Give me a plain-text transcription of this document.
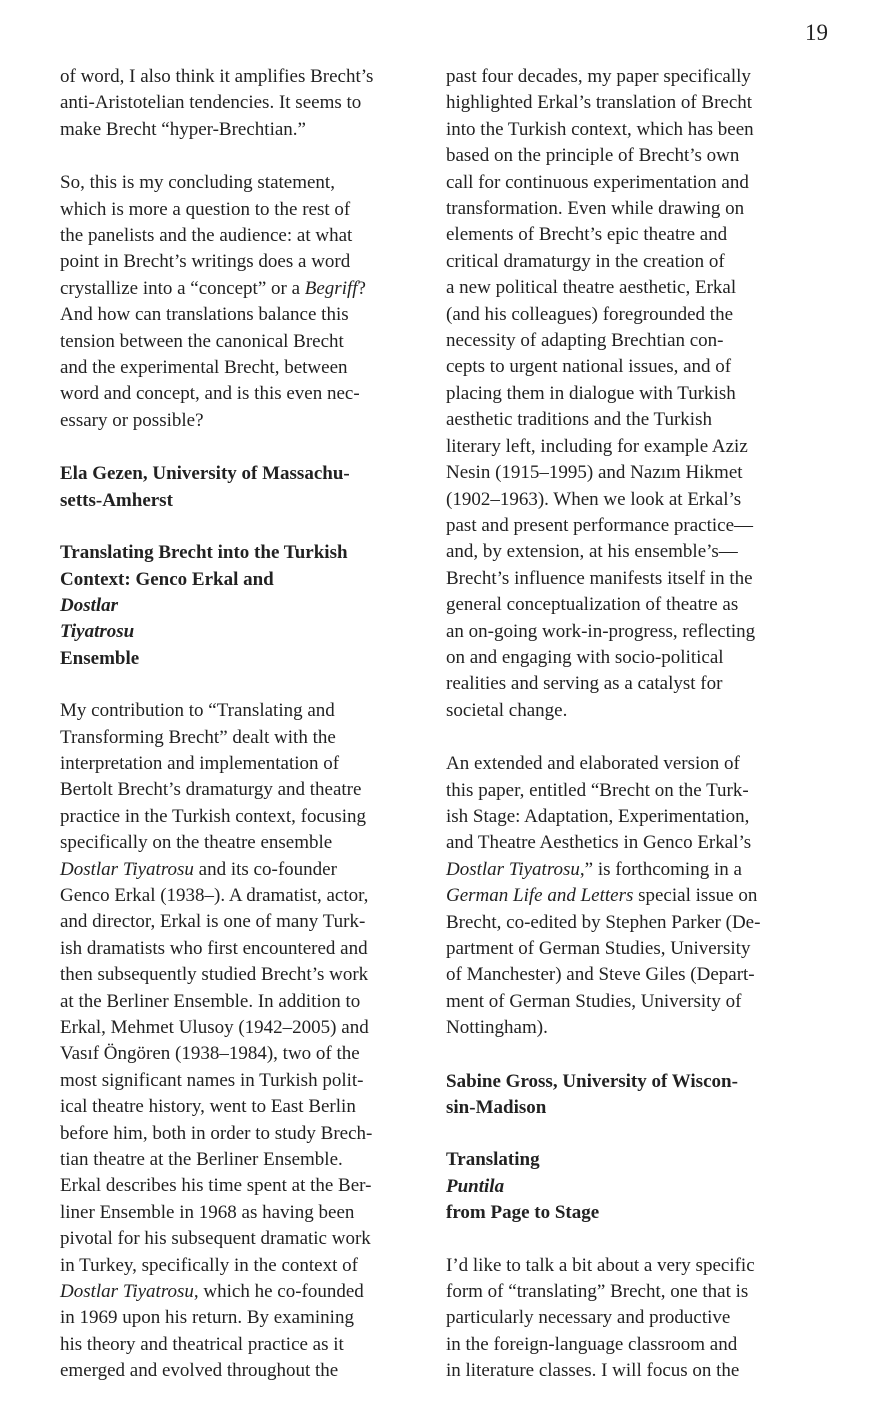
19

of word, I also think it amplifies Brecht’s
anti-Aristotelian tendencies. It seems to
make Brecht “hyper-Brechtian.”

So, this is my concluding statement,
which is more a question to the rest of
the panelists and the audience: at what
point in Brecht’s writings does a word
crystallize into a “concept” or a Begriff?
And how can translations balance this
tension between the canonical Brecht
and the experimental Brecht, between
word and concept, and is this even nec-
essary or possible?

Ela Gezen, University of Massachu-
setts-Amherst
Translating Brecht into the Turkish
Context: Genco Erkal and
Dostlar
Tiyatrosu
Ensemble

My contribution to “Translating and
Transforming Brecht” dealt with the
interpretation and implementation of
Bertolt Brecht’s dramaturgy and theatre
practice in the Turkish context, focusing
specifically on the theatre ensemble
Dostlar Tiyatrosu and its co-founder
Genco Erkal (1938–). A dramatist, actor,
and director, Erkal is one of many Turk-
ish dramatists who first encountered and
then subsequently studied Brecht’s work
at the Berliner Ensemble. In addition to
Erkal, Mehmet Ulusoy (1942–2005) and
Vasıf Öngören (1938–1984), two of the
most significant names in Turkish polit-
ical theatre history, went to East Berlin
before him, both in order to study Brech-
tian theatre at the Berliner Ensemble.
Erkal describes his time spent at the Ber-
liner Ensemble in 1968 as having been
pivotal for his subsequent dramatic work
in Turkey, specifically in the context of
Dostlar Tiyatrosu, which he co-founded
in 1969 upon his return. By examining
his theory and theatrical practice as it
emerged and evolved throughout the

past four decades, my paper specifically
highlighted Erkal’s translation of Brecht
into the Turkish context, which has been
based on the principle of Brecht’s own
call for continuous experimentation and
transformation. Even while drawing on
elements of Brecht’s epic theatre and
critical dramaturgy in the creation of
a new political theatre aesthetic, Erkal
(and his colleagues) foregrounded the
necessity of adapting Brechtian con-
cepts to urgent national issues, and of
placing them in dialogue with Turkish
aesthetic traditions and the Turkish
literary left, including for example Aziz
Nesin (1915–1995) and Nazım Hikmet
(1902–1963). When we look at Erkal’s
past and present performance practice—
and, by extension, at his ensemble’s—
Brecht’s influence manifests itself in the
general conceptualization of theatre as
an on-going work-in-progress, reflecting
on and engaging with socio-political
realities and serving as a catalyst for
societal change.

An extended and elaborated version of
this paper, entitled “Brecht on the Turk-
ish Stage: Adaptation, Experimentation,
and Theatre Aesthetics in Genco Erkal’s
Dostlar Tiyatrosu,” is forthcoming in a
German Life and Letters special issue on
Brecht, co-edited by Stephen Parker (De-
partment of German Studies, University
of Manchester) and Steve Giles (Depart-
ment of German Studies, University of
Nottingham).

Sabine Gross, University of Wiscon-
sin-Madison
Translating
Puntila
from Page to Stage

I’d like to talk a bit about a very specific
form of “translating” Brecht, one that is
particularly necessary and productive
in the foreign-language classroom and
in literature classes. I will focus on the
